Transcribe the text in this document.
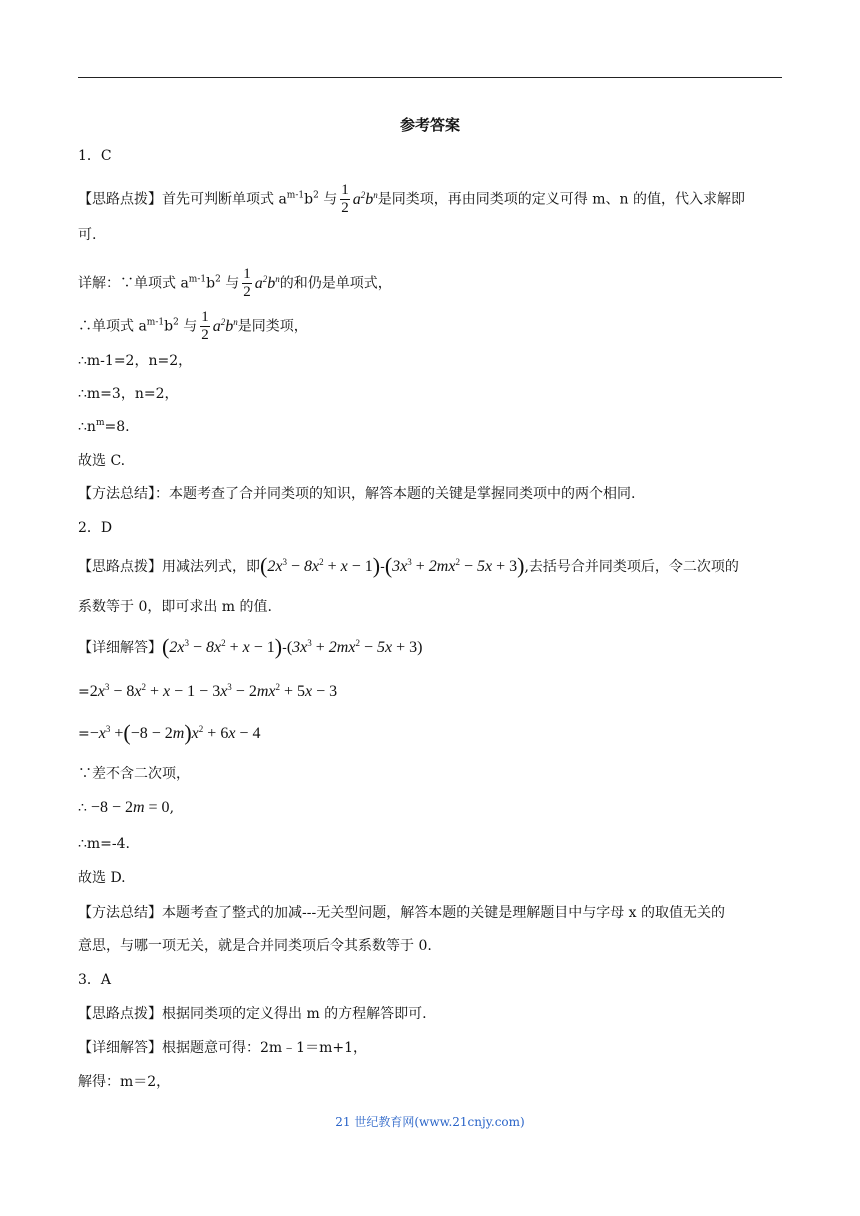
参考答案
1．C
【思路点拨】首先可判断单项式 $a^{m-1}b^2$ 与 $\frac{1}{2} a^2b^n$是同类项，再由同类项的定义可得 m、n 的值，代入求解即
可.
详解：∵单项式 $a^{m-1}b^2$ 与 $\frac{1}{2} a^2b^n$的和仍是单项式，
∴单项式 $a^{m-1}b^2$ 与 $\frac{1}{2} a^2b^n$是同类项，
∴m-1=2，n=2，
∴m=3，n=2，
$\therefore n^m=8$.
故选 C.
【方法总结】：本题考查了合并同类项的知识，解答本题的关键是掌握同类项中的两个相同.
2．D
【思路点拨】用减法列式，即$(2x^3 - 8x^2 + x - 1)-(3x^3 + 2mx^2 - 5x + 3)$,去括号合并同类项后，令二次项的
系数等于 0，即可求出 m 的值.
【详细解答】$(2x^3 - 8x^2 + x - 1)-(3x^3 + 2mx^2 - 5x + 3)$
$=2x^3 - 8x^2 + x - 1 - 3x^3 - 2mx^2 + 5x - 3$
$=-x^3 +(-8 - 2m)x^2 + 6x - 4$
∵差不含二次项，
∴ −8 − 2m = 0,
∴m=-4.
故选 D.
【方法总结】本题考查了整式的加减---无关型问题，解答本题的关键是理解题目中与字母 x 的取值无关的
意思，与哪一项无关，就是合并同类项后令其系数等于 0.
3．A
【思路点拨】根据同类项的定义得出 m 的方程解答即可.
【详细解答】根据题意可得：2m﹣1＝m+1，
解得：m＝2，
21 世纪教育网(www.21cnjy.com)
